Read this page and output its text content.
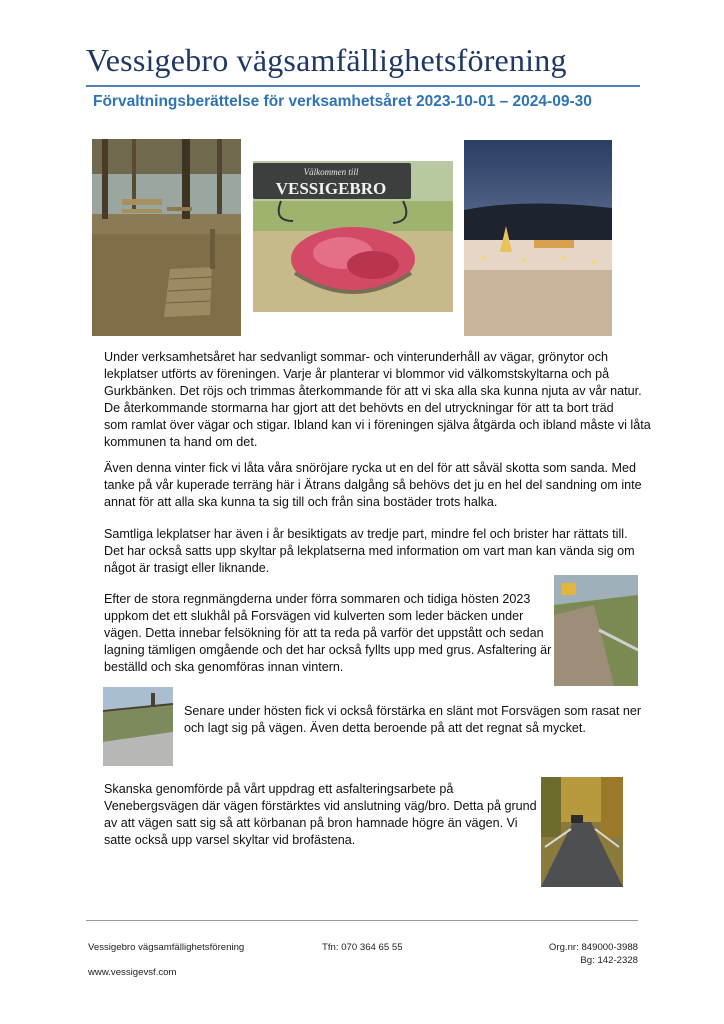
Vessigebro vägsamfällighetsförening
Förvaltningsberättelse för verksamhetsåret 2023-10-01 – 2024-09-30
Välkommen till
VESSIGEBRO
Under verksamhetsåret har sedvanligt sommar- och vinterunderhåll av vägar, grönytor och
lekplatser utförts av föreningen. Varje år planterar vi blommor vid välkomstskyltarna och på
Gurkbänken. Det röjs och trimmas återkommande för att vi ska alla ska kunna njuta av vår natur.
De återkommande stormarna har gjort att det behövts en del utryckningar för att ta bort träd
som ramlat över vägar och stigar. Ibland kan vi i föreningen själva åtgärda och ibland måste vi låta
kommunen ta hand om det.
Även denna vinter fick vi låta våra snöröjare rycka ut en del för att såväl skotta som sanda. Med
tanke på vår kuperade terräng här i Ätrans dalgång så behövs det ju en hel del sandning om inte
annat för att alla ska kunna ta sig till och från sina bostäder trots halka.
Samtliga lekplatser har även i år besiktigats av tredje part, mindre fel och brister har rättats till.
Det har också satts upp skyltar på lekplatserna med information om vart man kan vända sig om
något är trasigt eller liknande.
Efter de stora regnmängderna under förra sommaren och tidiga hösten 2023
uppkom det ett slukhål på Forsvägen vid kulverten som leder bäcken under
vägen. Detta innebar felsökning för att ta reda på varför det uppstått och sedan
lagning tämligen omgående och det har också fyllts upp med grus. Asfaltering är
beställd och ska genomföras innan vintern.
Senare under hösten fick vi också förstärka en slänt mot Forsvägen som rasat ner
och lagt sig på vägen. Även detta beroende på att det regnat så mycket.
Skanska genomförde på vårt uppdrag ett asfalteringsarbete på
Venebergsvägen där vägen förstärktes vid anslutning väg/bro. Detta på grund
av att vägen satt sig så att körbanan på bron hamnade högre än vägen. Vi
satte också upp varsel skyltar vid brofästena.
Vessigebro vägsamfällighetsförening	Tfn: 070 364 65 55	Org.nr: 849000-3988
Bg: 142-2328
www.vessigevsf.com
